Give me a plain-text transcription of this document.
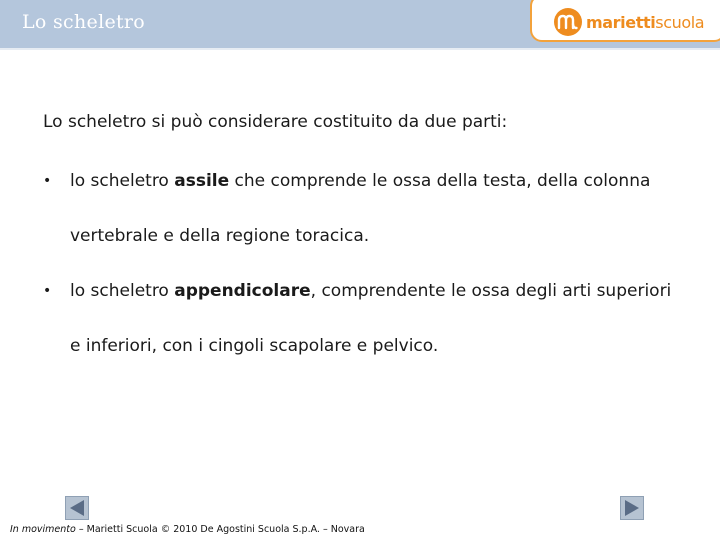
Lo scheletro	mariettiscuola
Lo scheletro si può considerare costituito da due parti:
•	lo scheletro assile che comprende le ossa della testa, della colonna vertebrale e della regione toracica.
•	lo scheletro appendicolare, comprendente le ossa degli arti superiori e inferiori, con i cingoli scapolare e pelvico.
In movimento – Marietti Scuola © 2010 De Agostini Scuola S.p.A. – Novara
